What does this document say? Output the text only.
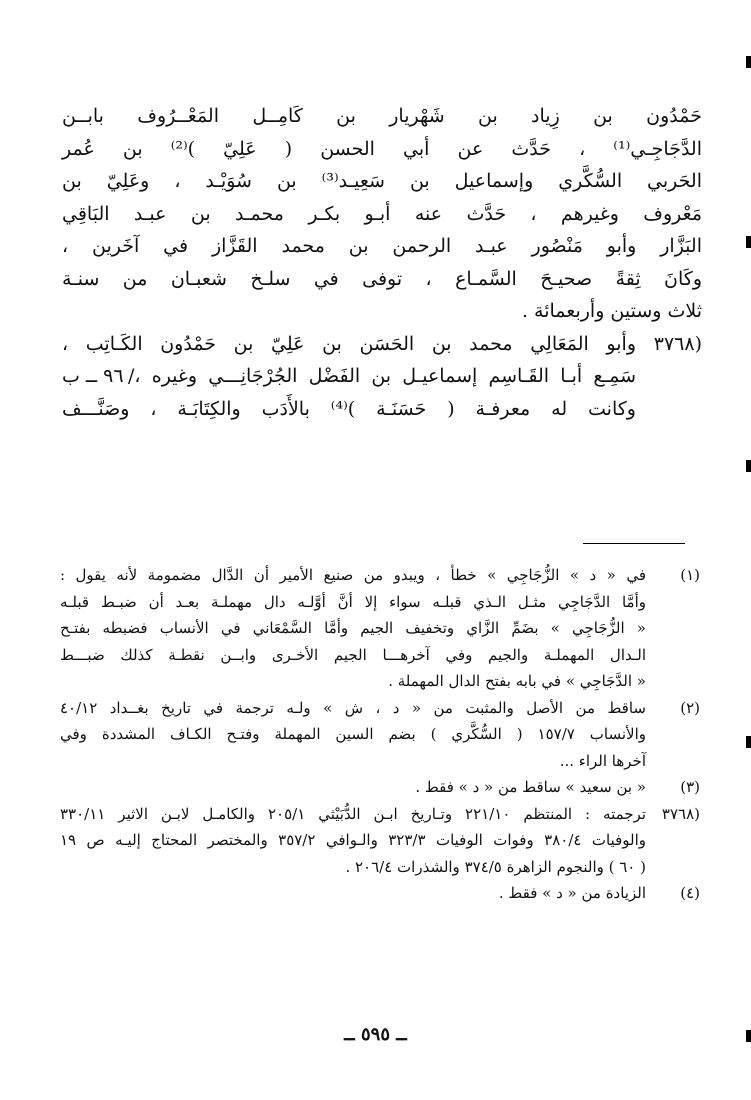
حَمْدُون بن زِياد بن شَهْريار بن كَامِــل المَعْــرُوف بابــن
الدَّجَاجِـي⁽¹⁾ ، حَدَّث عن أبي الحسن ( عَلِيّ )⁽²⁾ بن عُمر
الحَربي السُّكَّري وإسماعيل بن سَعِيـد⁽³⁾ بن سُوَيْـد ، وعَلِيّ بن
مَعْروف وغيرهم ، حَدَّث عنه أبـو بكـر محمـد بن عبـد البَاقِي
البَزَّار وأبو مَنْصُور عبـد الرحمن بن محمد القَزَّاز في آخَرين ،
وكَانَ ثِقةً صحيـحَ السَّمـاع ، توفى في سلـخ شعبـان من سنـة
ثلاث وستين وأربعمائة .
(٣٧٦٨
وأبو المَعَالِي محمد بن الحَسَن بن عَلِيّ بن حَمْدُون الكَـاتِب ،
سَمِـع أبـا القَـاسِم إسماعيـل بن الفَضْل الجُرْجَانِـــي وغيره ،/
٩٦ ــ ب
وكانت له معرفـة ( حَسَنَـة )⁽⁴⁾ بالأَدَب والكِتَابَـة ، وصَنَّـــف
(١)
في « د » الزُّجَاجِي » خطأ ، ويبدو من صنيع الأمير أن الدَّال مضمومة لأنه يقول :
وأمَّا الدَّجَاجِي مثـل الـذي قبلـه سواء إلا أنَّ أوَّلـه دال مهملـة بعـد أن ضبـط قبلـه
« الزُّجَاجِي » بضَمِّ الزَّاي وتخفيف الجيم وأمَّا السَّمْعَاني في الأنساب فضبطه بفتـح
الـدال المهملـة والجيم وفي آخرهـــا الجيم الأخـرى وابــن نقطـة كذلك ضبـــط
« الدَّجَاجِي » في بابه بفتح الدال المهملة .
(٢)
ساقط من الأصل والمثبت من « د ، ش » ولـه ترجمة في تاريخ بغــداد ٤٠/١٢
والأنساب ١٥٧/٧ ( السُّكَّري ) بضم السين المهملة وفتـح الكـاف المشددة وفي
آخرها الراء ...
(٣)
« بن سعيد » ساقط من « د » فقط .
(٣٧٦٨
ترجمته : المنتظم ٢٢١/١٠ وتـاريخ ابـن الدُّبَيْثي ٢٠٥/١ والكامـل لابـن الاثير ٣٣٠/١١
والوفيات ٣٨٠/٤ وفوات الوفيات ٣٢٣/٣ والـوافي ٣٥٧/٢ والمختصر المحتاج إليـه ص ١٩
( ٦٠ ) والنجوم الزاهرة ٣٧٤/٥ والشذرات ٢٠٦/٤ .
(٤)
الزيادة من « د » فقط .
ــ ٥٩٥ ــ
